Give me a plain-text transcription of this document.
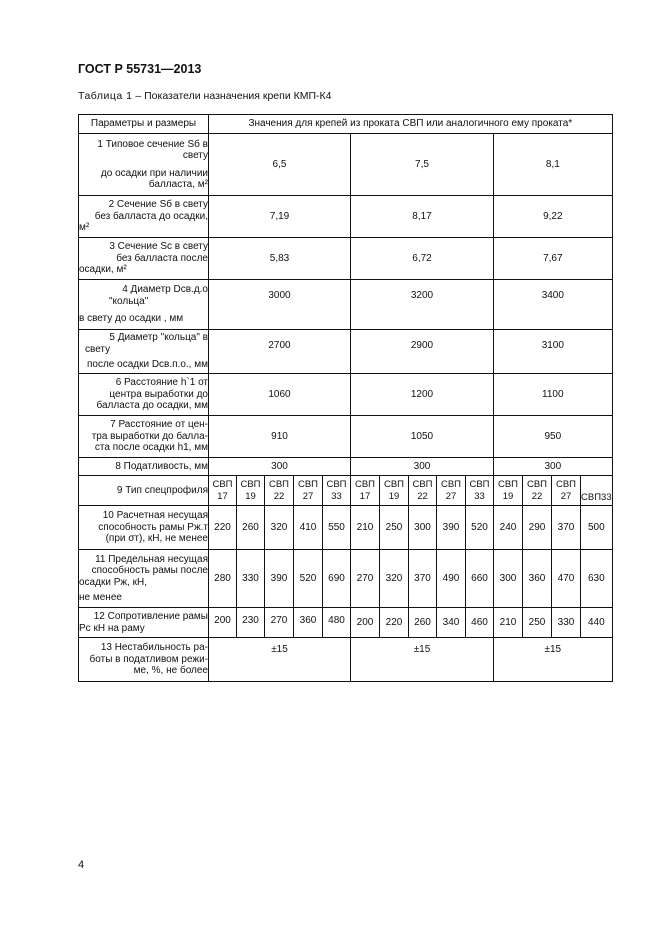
ГОСТ Р 55731—2013
Таблица 1 – Показатели назначения крепи КМП-К4
Параметры и размеры	Значения для крепей из проката СВП или аналогичного ему проката*													

1 Типовое сечение Sб в
свету
до осадки при наличии
балласта, м²	6,5					7,5					8,1			

2 Сечение Sб в свету
без балласта до осадки,
м²	7,19					8,17					9,22			

3 Сечение Sс в свету
без балласта после
осадки, м²	5,83					6,72					7,67			

4 Диаметр Dсв.д.о
"кольца"
в свету до осадки , мм	3000					3200					3400			

5 Диаметр "кольца" в
свету
после осадки Dсв.п.о., мм	2700					2900					3100			

6 Расстояние h`1 от
центра выработки до
балласта до осадки, мм	1060					1200					1100			

7 Расстояние от цен-
тра выработки до балла-
ста после осадки h1, мм	910					1050					950			
8 Податливость, мм	300					300					300			
9 Тип спецпрофиля	СВП
17	СВП
19	СВП
22	СВП
27	СВП
33	СВП
17	СВП
19	СВП
22	СВП
27	СВП
33	СВП
19	СВП
22	СВП
27	СВП33

10 Расчетная несущая
способность рамы Pж.т
(при σт), кН, не менее	220	260	320	410	550	210	250	300	390	520	240	290	370	500

11 Предельная несущая
способность рамы после
осадки Pж, кН,
не менее	280	330	390	520	690	270	320	370	490	660	300	360	470	630

12 Сопротивление рамы
Pс кН на раму	200	230	270	360	480	200	220	260	340	460	210	250	330	440

13 Нестабильность ра-
боты в податливом режи-
ме, %, не более	±15					±15					±15			
4
